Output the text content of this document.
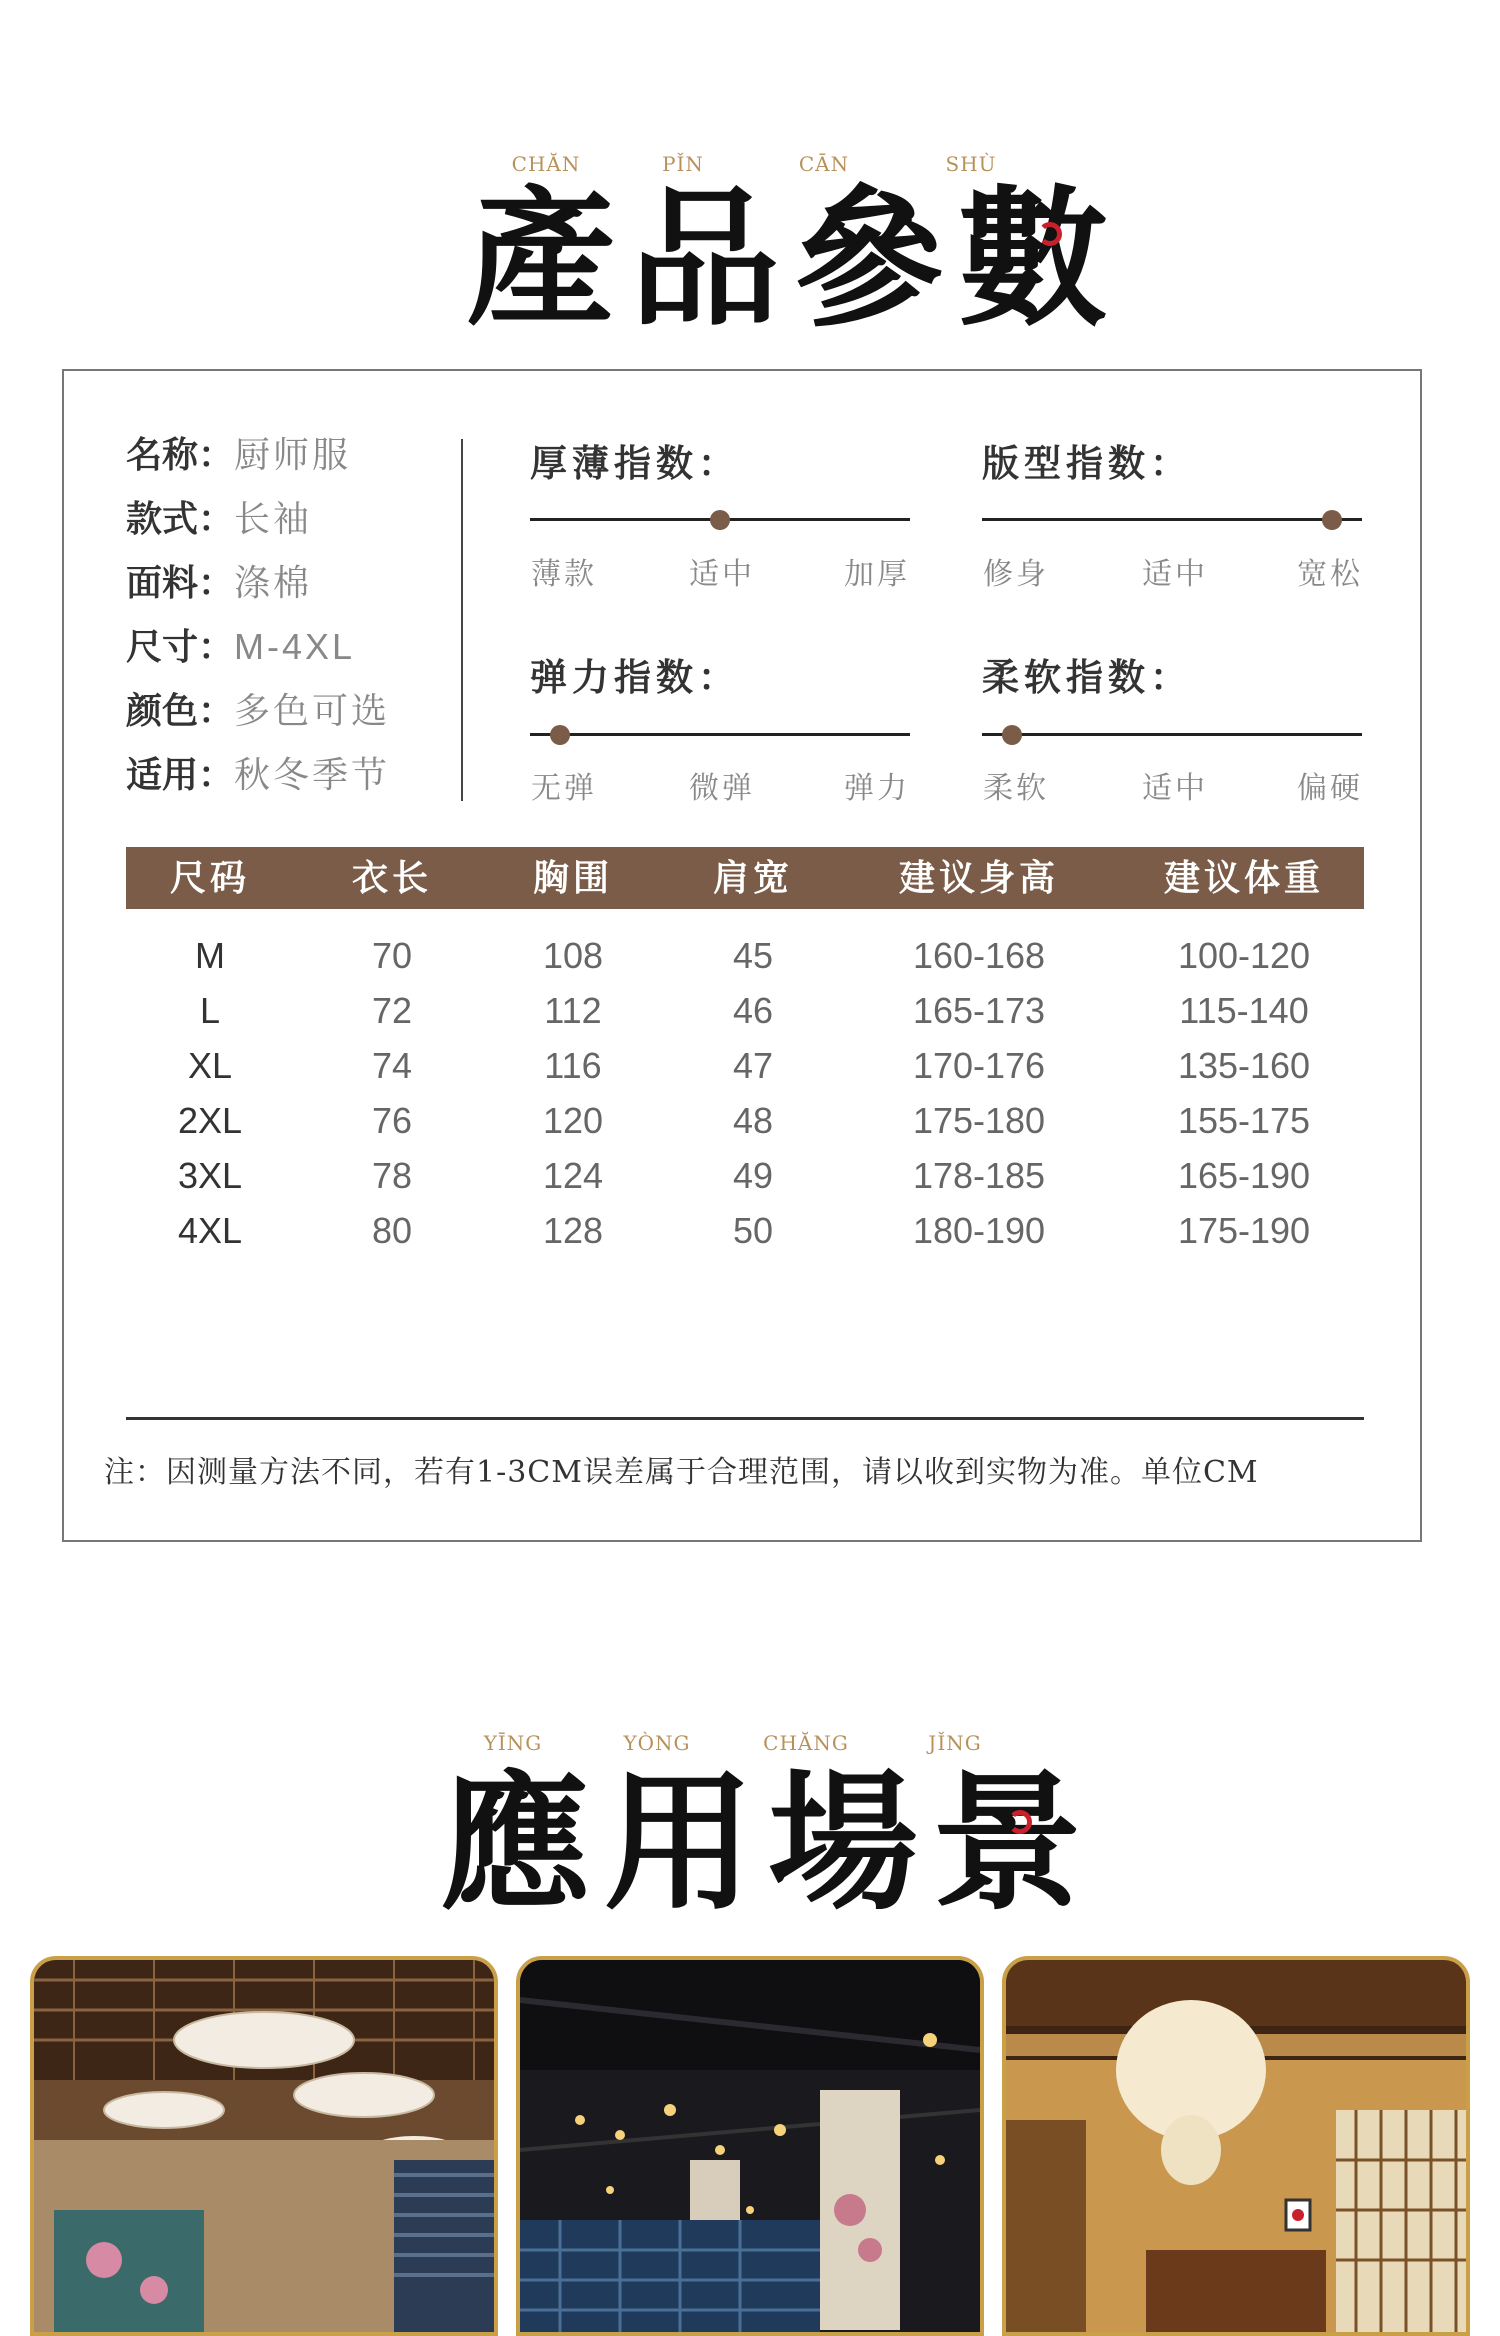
CHĂN	PǏN	CĀN	SHÙ
產品參數
名称：厨师服
款式：长袖
面料：涤棉
尺寸：M-4XL
颜色：多色可选
适用：秋冬季节
厚薄指数：
薄款	适中	加厚
版型指数：
修身	适中	宽松
弹力指数：
无弹	微弹	弹力
柔软指数：
柔软	适中	偏硬
尺码	衣长	胸围	肩宽	建议身高	建议体重
M	70	108	45	160-168	100-120
L	72	112	46	165-173	115-140
XL	74	116	47	170-176	135-160
2XL	76	120	48	175-180	155-175
3XL	78	124	49	178-185	165-190
4XL	80	128	50	180-190	175-190
注：因测量方法不同，若有1-3CM误差属于合理范围，请以收到实物为准。单位CM
YĪNG	YÒNG	CHĂNG	JǏNG
應用場景
